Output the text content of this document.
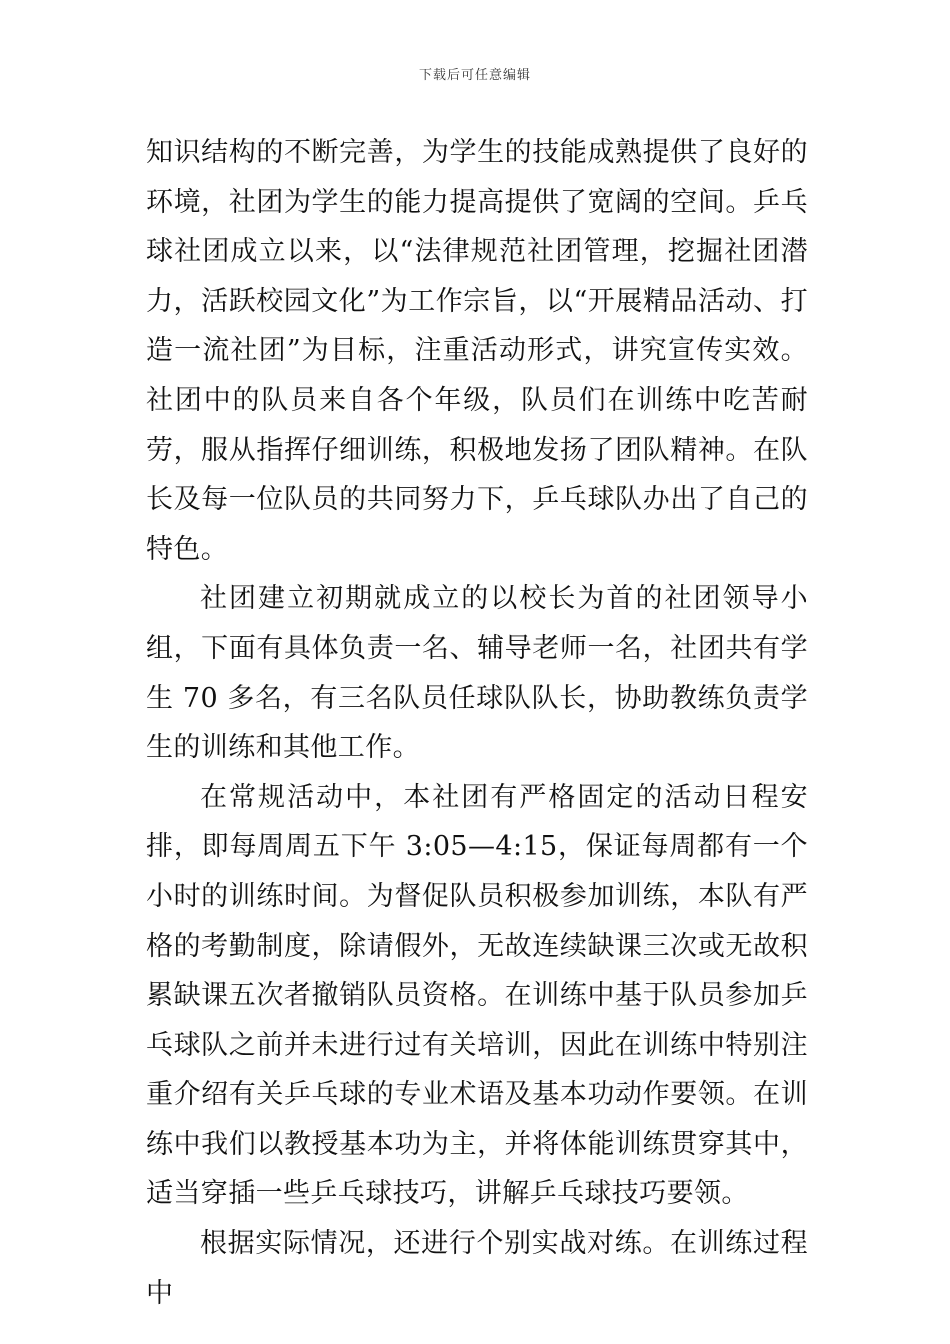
下载后可任意编辑

知识结构的不断完善，为学生的技能成熟提供了良好的环境，社团为学生的能力提高提供了宽阔的空间。乒乓球社团成立以来，以“法律规范社团管理，挖掘社团潜力，活跃校园文化”为工作宗旨，以“开展精品活动、打造一流社团”为目标，注重活动形式，讲究宣传实效。社团中的队员来自各个年级，队员们在训练中吃苦耐劳，服从指挥仔细训练，积极地发扬了团队精神。在队长及每一位队员的共同努力下，乒乓球队办出了自己的特色。

社团建立初期就成立的以校长为首的社团领导小组，下面有具体负责一名、辅导老师一名，社团共有学生 70 多名，有三名队员任球队队长，协助教练负责学生的训练和其他工作。

在常规活动中，本社团有严格固定的活动日程安排，即每周周五下午 3:05—4:15，保证每周都有一个小时的训练时间。为督促队员积极参加训练，本队有严格的考勤制度，除请假外，无故连续缺课三次或无故积累缺课五次者撤销队员资格。在训练中基于队员参加乒乓球队之前并未进行过有关培训，因此在训练中特别注重介绍有关乒乓球的专业术语及基本功动作要领。在训练中我们以教授基本功为主，并将体能训练贯穿其中，适当穿插一些乒乓球技巧，讲解乒乓球技巧要领。

根据实际情况，还进行个别实战对练。在训练过程中
